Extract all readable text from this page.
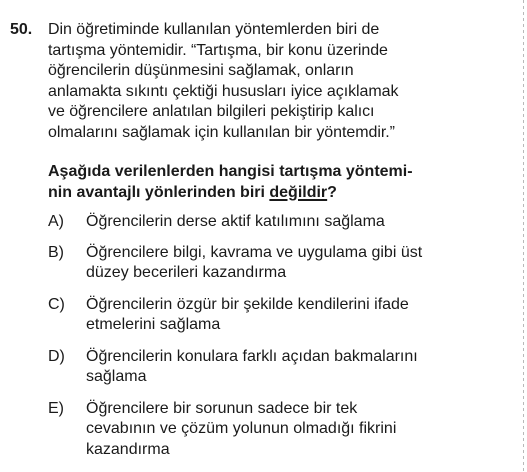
50. Din öğretiminde kullanılan yöntemlerden biri de
tartışma yöntemidir. “Tartışma, bir konu üzerinde
öğrencilerin düşünmesini sağlamak, onların
anlamakta sıkıntı çektiği hususları iyice açıklamak
ve öğrencilere anlatılan bilgileri pekiştirip kalıcı
olmalarını sağlamak için kullanılan bir yöntemdir.”
Aşağıda verilenlerden hangisi tartışma yöntemi-
nin avantajlı yönlerinden biri değildir?
A) Öğrencilerin derse aktif katılımını sağlama
B) Öğrencilere bilgi, kavrama ve uygulama gibi üst
düzey becerileri kazandırma
C) Öğrencilerin özgür bir şekilde kendilerini ifade
etmelerini sağlama
D) Öğrencilerin konulara farklı açıdan bakmalarını
sağlama
E) Öğrencilere bir sorunun sadece bir tek
cevabının ve çözüm yolunun olmadığı fikrini
kazandırma
